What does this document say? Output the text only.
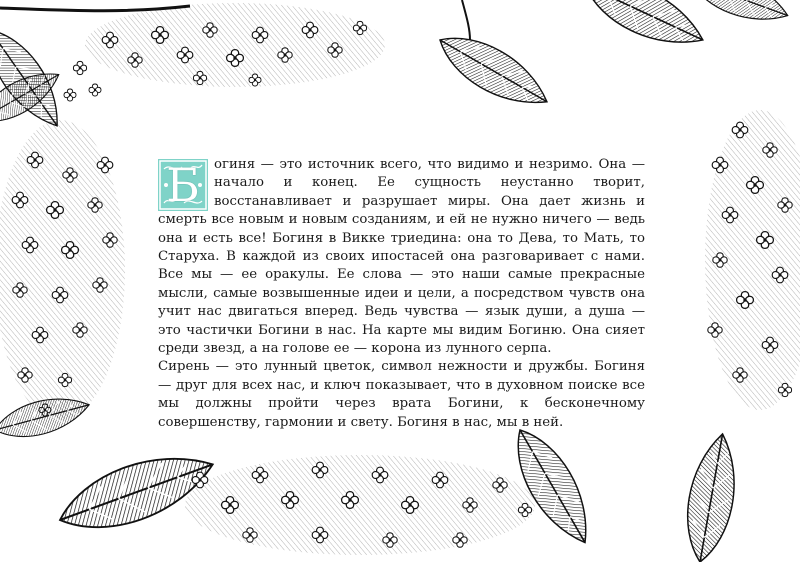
Б	огиня — это источник всего, что видимо и незримо. Она — начало и конец. Ее сущность неустанно творит, восстанавливает и разрушает миры. Она дает жизнь и смерть все новым и новым созданиям, и ей не нужно ничего — ведь она и есть все! Богиня в Викке триедина: она то Дева, то Мать, то Старуха. В каждой из своих ипостасей она разговаривает с нами. Все мы — ее оракулы. Ее слова — это наши самые прекрасные мысли, самые возвышенные идеи и цели, а посредством чувств она учит нас двигаться вперед. Ведь чувства — язык души, а душа — это частички Богини в нас. На карте мы видим Богиню. Она сияет среди звезд, а на голове ее — корона из лунного серпа.

Сирень — это лунный цветок, символ нежности и дружбы. Богиня — друг для всех нас, и ключ показывает, что в духовном поиске все мы должны пройти через врата Богини, к бесконечному совершенству, гармонии и свету. Богиня в нас, мы в ней.
